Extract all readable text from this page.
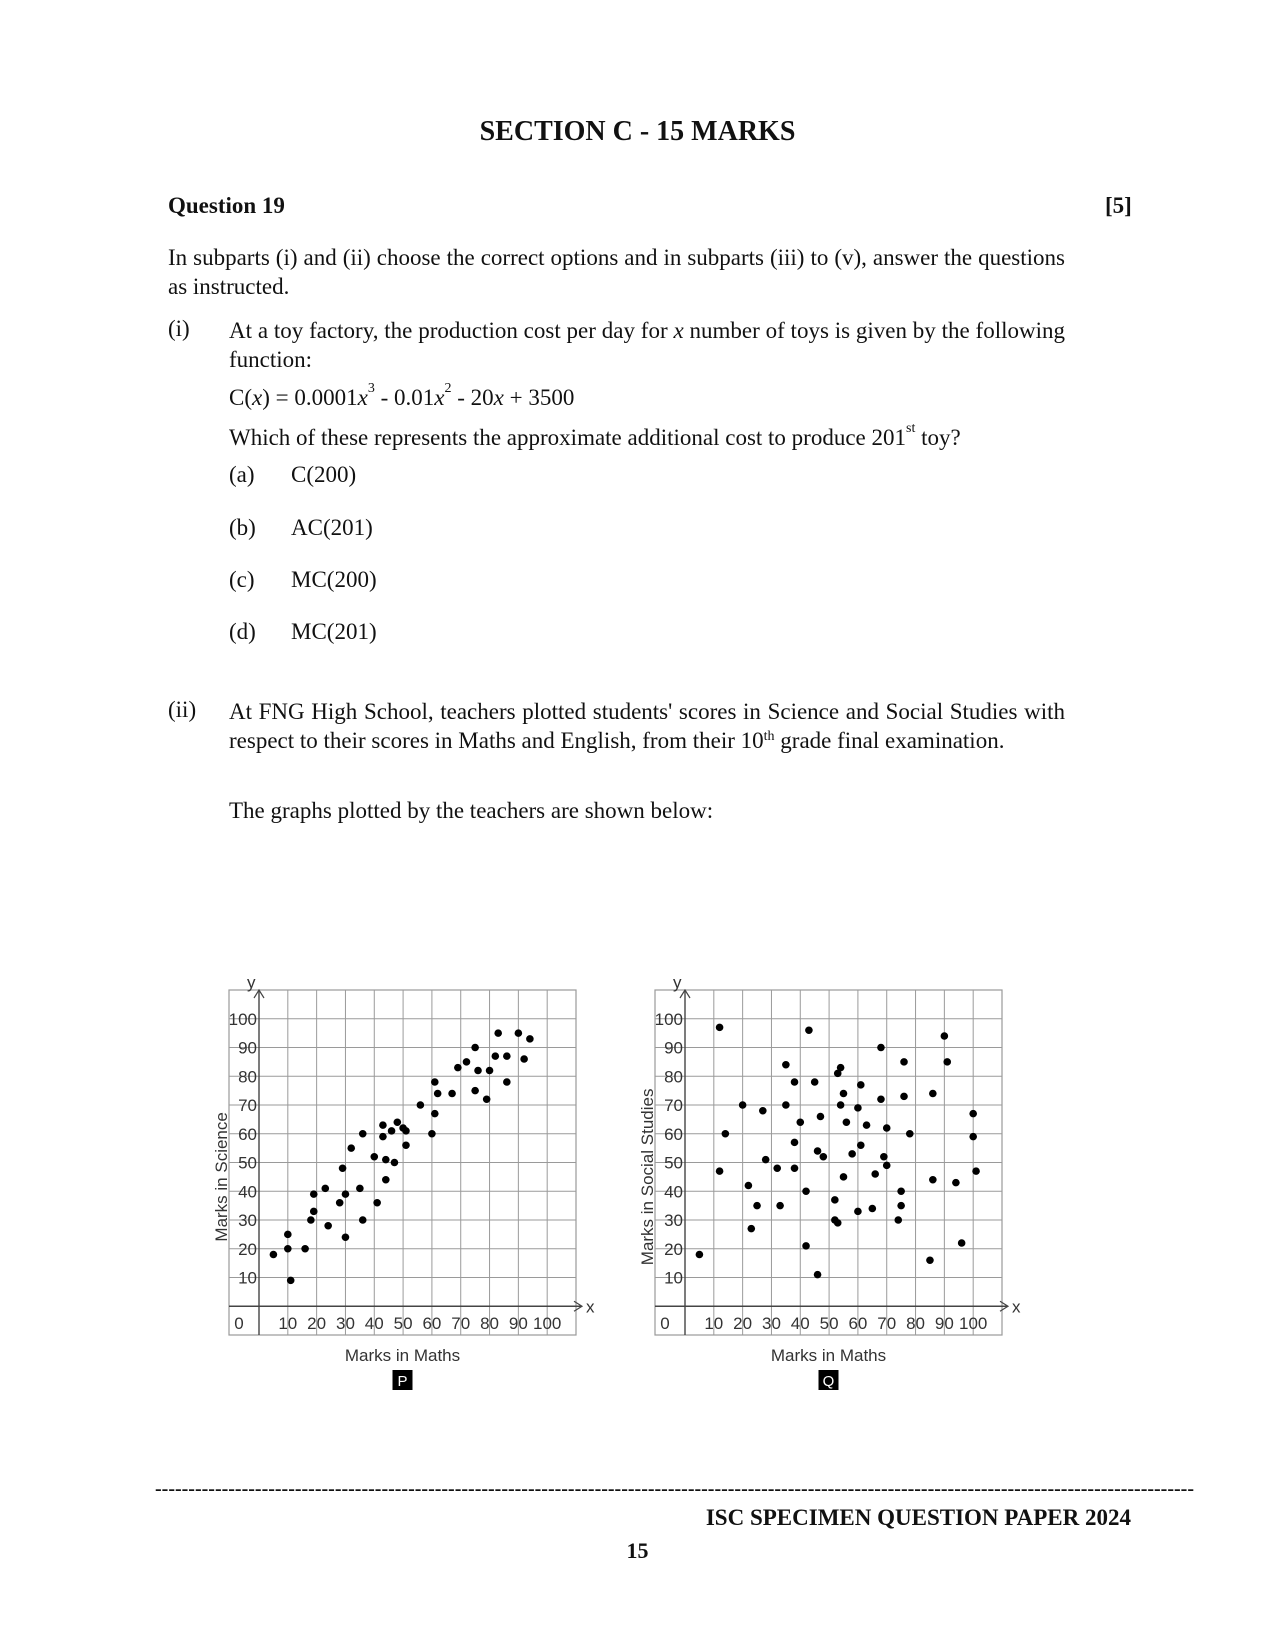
SECTION C - 15 MARKS
Question 19	[5]
In subparts (i) and (ii) choose the correct options and in subparts (iii) to (v), answer the questions as instructed.
(i) At a toy factory, the production cost per day for x number of toys is given by the following function:
$C(x) = 0.0001x^3 - 0.01x^2 - 20x + 3500$
Which of these represents the approximate additional cost to produce 201st toy?
(a) C(200)
(b) AC(201)
(c) MC(200)
(d) MC(201)
(ii) At FNG High School, teachers plotted students' scores in Science and Social Studies with respect to their scores in Maths and English, from their 10th grade final examination.
The graphs plotted by the teachers are shown below:
x
y
10 20 30 40 50 60 70 80 90 100
0
10
20
30
40
50
60
70
80
90
100
Marks in Maths
Marks in Science
P
x
y
10 20 30 40 50 60 70 80 90 100
0
10
20
30
40
50
60
70
80
90
100
Marks in Maths
Marks in Social Studies
Q
------------------------------------------------------------------------------------------------------------------------------------------------------------
ISC SPECIMEN QUESTION PAPER 2024
15
